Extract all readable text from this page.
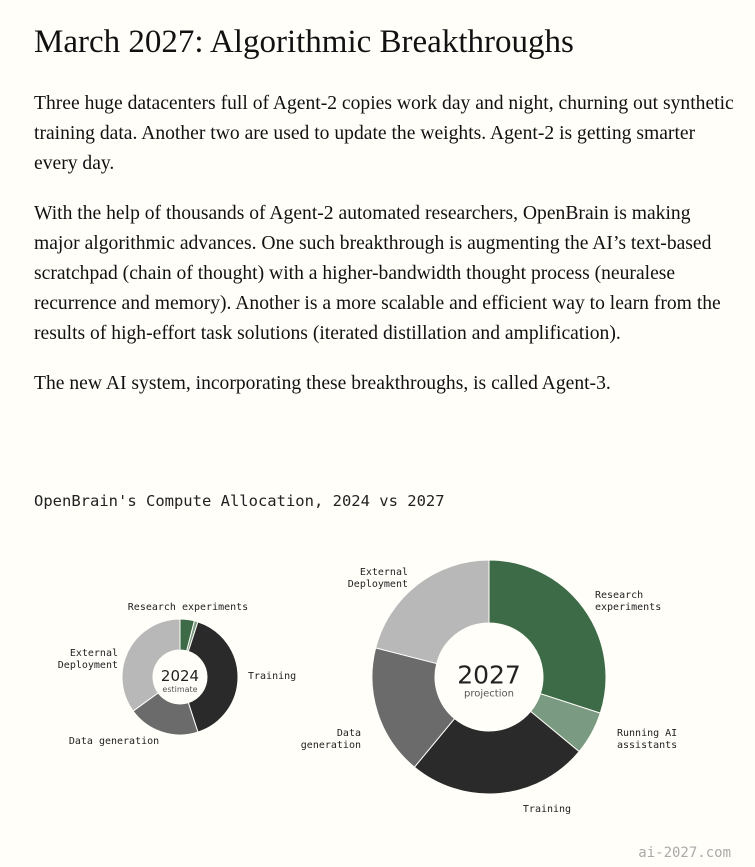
March 2027: Algorithmic Breakthroughs

Three huge datacenters full of Agent-2 copies work day and night, churning out synthetic training data. Another two are used to update the weights. Agent-2 is getting smarter every day.

With the help of thousands of Agent-2 automated researchers, OpenBrain is making major algorithmic advances. One such breakthrough is augmenting the AI’s text-based scratchpad (chain of thought) with a higher-bandwidth thought process (neuralese recurrence and memory). Another is a more scalable and efficient way to learn from the results of high-effort task solutions (iterated distillation and amplification).

The new AI system, incorporating these breakthroughs, is called Agent-3.

OpenBrain's Compute Allocation, 2024 vs 2027
2024
estimate
Research experiments
Training
Data generation
External Deployment	2027
projection
Research experiments
Running AI assistants
Training
Data generation
External Deployment
ai-2027.com
